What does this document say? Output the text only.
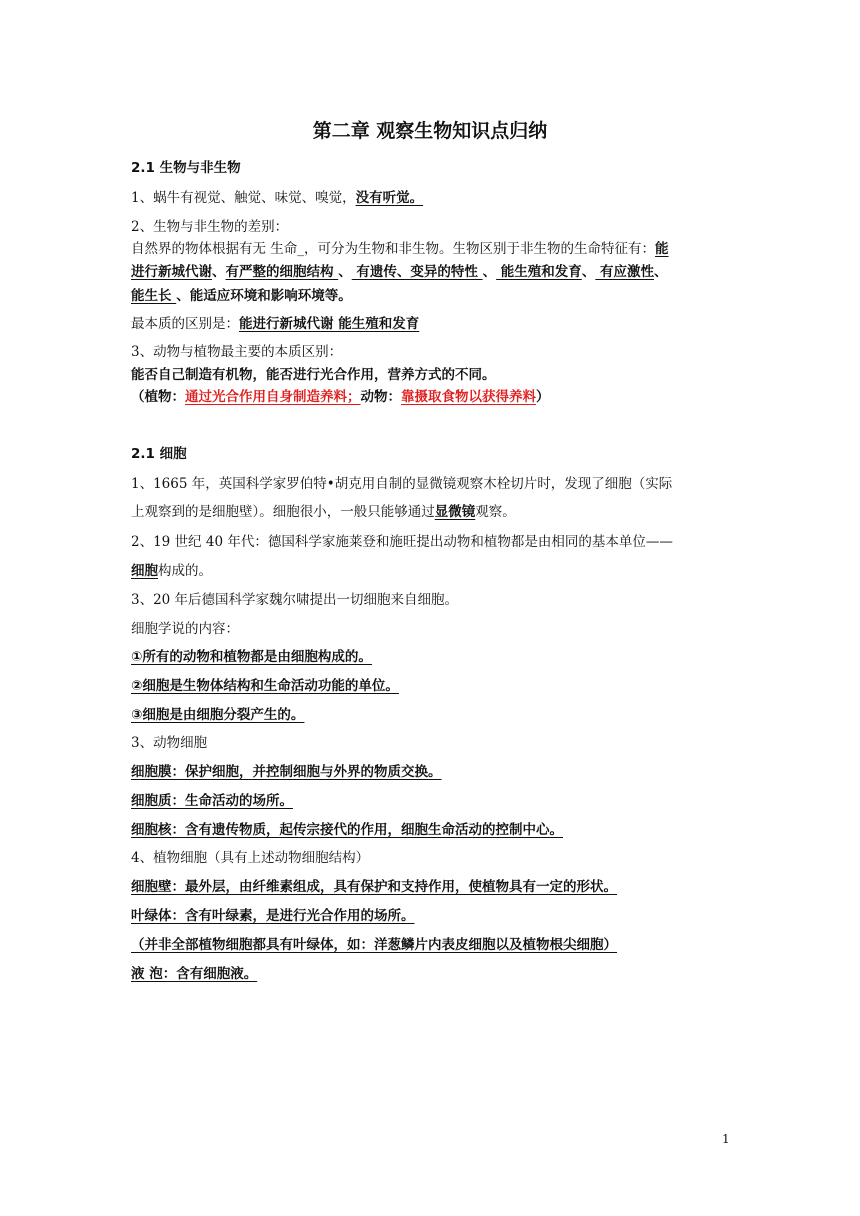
第二章 观察生物知识点归纳
2.1 生物与非生物
1、蜗牛有视觉、触觉、味觉、嗅觉，没有听觉。
2、生物与非生物的差别：
自然界的物体根据有无 生命_，可分为生物和非生物。生物区别于非生物的生命特征有：能
进行新城代谢、有严整的细胞结构 、 有遗传、变异的特性 、 能生殖和发育、 有应激性、
能生长 、能适应环境和影响环境等。
最本质的区别是：能进行新城代谢 能生殖和发育
3、动物与植物最主要的本质区别：
能否自己制造有机物，能否进行光合作用，营养方式的不同。
（植物：通过光合作用自身制造养料；动物：靠摄取食物以获得养料）
2.1 细胞
1、1665 年，英国科学家罗伯特•胡克用自制的显微镜观察木栓切片时，发现了细胞（实际
上观察到的是细胞壁）。细胞很小，一般只能够通过显微镜观察。
2、19 世纪 40 年代：德国科学家施莱登和施旺提出动物和植物都是由相同的基本单位——
细胞构成的。
3、20 年后德国科学家魏尔啸提出一切细胞来自细胞。
细胞学说的内容：
①所有的动物和植物都是由细胞构成的。
②细胞是生物体结构和生命活动功能的单位。
③细胞是由细胞分裂产生的。
3、动物细胞
细胞膜：保护细胞，并控制细胞与外界的物质交换。
细胞质：生命活动的场所。
细胞核：含有遗传物质，起传宗接代的作用，细胞生命活动的控制中心。
4、植物细胞（具有上述动物细胞结构）
细胞壁：最外层，由纤维素组成，具有保护和支持作用，使植物具有一定的形状。
叶绿体：含有叶绿素，是进行光合作用的场所。
（并非全部植物细胞都具有叶绿体，如：洋葱鳞片内表皮细胞以及植物根尖细胞）
液 泡：含有细胞液。
1
